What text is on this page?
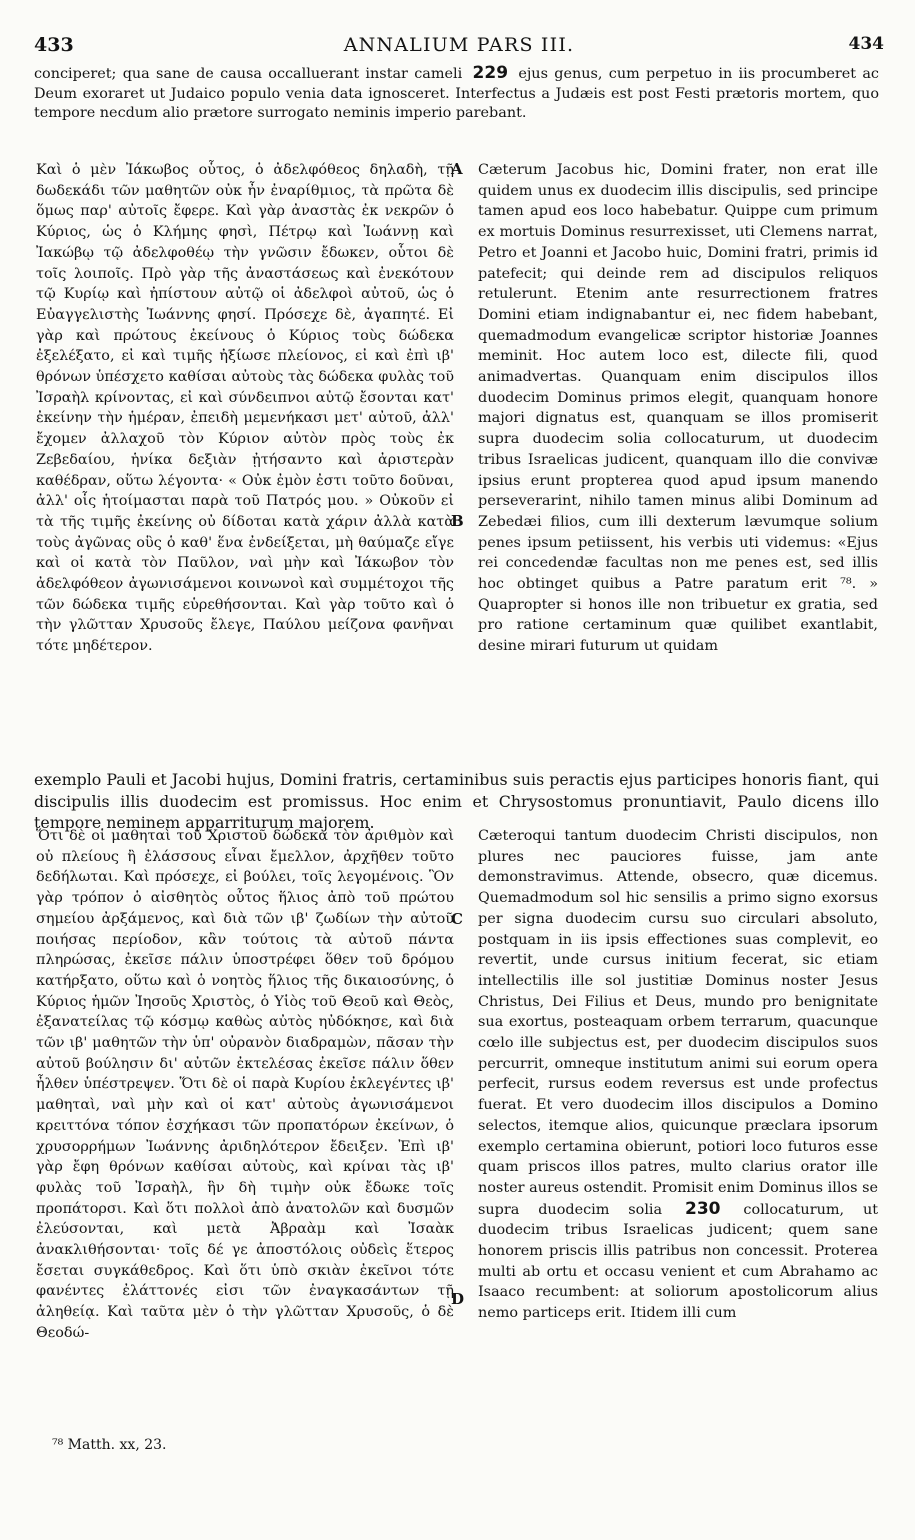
433	ANNALIUM PARS III.	434
conciperet; qua sane de causa occalluerant instar cameli 229 ejus genus, cum perpetuo in iis procumberet ac Deum exoraret ut Judaico populo venia data ignosceret. Interfectus a Judæis est post Festi prætoris mortem, quo tempore necdum alio prætore surrogato neminis imperio parebant.
Καὶ ὁ μὲν Ἰάκωβος οὗτος, ὁ ἀδελφόθεος δηλαδὴ, τῇ δωδεκάδι τῶν μαθητῶν οὐκ ἦν ἐναρίθμιος, τὰ πρῶτα δὲ ὅμως παρ' αὐτοῖς ἔφερε. Καὶ γὰρ ἀναστὰς ἐκ νεκρῶν ὁ Κύριος, ὡς ὁ Κλήμης φησὶ, Πέτρῳ καὶ Ἰωάννῃ καὶ Ἰακώβῳ τῷ ἀδελφοθέῳ τὴν γνῶσιν ἔδωκεν, οὗτοι δὲ τοῖς λοιποῖς. Πρὸ γὰρ τῆς ἀναστάσεως καὶ ἐνεκότουν τῷ Κυρίῳ καὶ ἠπίστουν αὐτῷ οἱ ἀδελφοὶ αὐτοῦ, ὡς ὁ Εὐαγγελιστὴς Ἰωάννης φησί. Πρόσεχε δὲ, ἀγαπητέ. Εἰ γὰρ καὶ πρώτους ἐκείνους ὁ Κύριος τοὺς δώδεκα ἐξελέξατο, εἰ καὶ τιμῆς ἠξίωσε πλείονος, εἰ καὶ ἐπὶ ιβ' θρόνων ὑπέσχετο καθίσαι αὐτοὺς τὰς δώδεκα φυλὰς τοῦ Ἰσραὴλ κρίνοντας, εἰ καὶ σύνδειπνοι αὐτῷ ἔσονται κατ' ἐκείνην τὴν ἡμέραν, ἐπειδὴ μεμενήκασι μετ' αὐτοῦ, ἀλλ' ἔχομεν ἀλλαχοῦ τὸν Κύριον αὐτὸν πρὸς τοὺς ἐκ Ζεβεδαίου, ἡνίκα δεξιὰν ᾐτήσαντο καὶ ἀριστερὰν καθέδραν, οὕτω λέγοντα· « Οὐκ ἐμὸν ἐστι τοῦτο δοῦναι, ἀλλ' οἷς ἡτοίμασται παρὰ τοῦ Πατρός μου. » Οὐκοῦν εἰ τὰ τῆς τιμῆς ἐκείνης οὐ δίδοται κατὰ χάριν ἀλλὰ κατὰ τοὺς ἀγῶνας οὓς ὁ καθ' ἕνα ἐνδείξεται, μὴ θαύμαζε εἴγε καὶ οἱ κατὰ τὸν Παῦλον, ναὶ μὴν καὶ Ἰάκωβον τὸν ἀδελφόθεον ἀγωνισάμενοι κοινωνοὶ καὶ συμμέτοχοι τῆς τῶν δώδεκα τιμῆς εὑρεθήσονται. Καὶ γὰρ τοῦτο καὶ ὁ τὴν γλῶτταν Χρυσοῦς ἔλεγε, Παύλου μείζονα φανῆναι τότε μηδέτερον.
Cæterum Jacobus hic, Domini frater, non erat ille quidem unus ex duodecim illis discipulis, sed principe tamen apud eos loco habebatur. Quippe cum primum ex mortuis Dominus resurrexisset, uti Clemens narrat, Petro et Joanni et Jacobo huic, Domini fratri, primis id patefecit; qui deinde rem ad discipulos reliquos retulerunt. Etenim ante resurrectionem fratres Domini etiam indignabantur ei, nec fidem habebant, quemadmodum evangelicæ scriptor historiæ Joannes meminit. Hoc autem loco est, dilecte fili, quod animadvertas. Quanquam enim discipulos illos duodecim Dominus primos elegit, quanquam honore majori dignatus est, quanquam se illos promiserit supra duodecim solia collocaturum, ut duodecim tribus Israelicas judicent, quanquam illo die convivæ ipsius erunt propterea quod apud ipsum manendo perseverarint, nihilo tamen minus alibi Dominum ad Zebedæi filios, cum illi dexterum lævumque solium penes ipsum petiissent, his verbis uti videmus: «Ejus rei concedendæ facultas non me penes est, sed illis hoc obtinget quibus a Patre paratum erit ⁷⁸. » Quapropter si honos ille non tribuetur ex gratia, sed pro ratione certaminum quæ quilibet exantlabit, desine mirari futurum ut quidam
A
B
C
D
exemplo Pauli et Jacobi hujus, Domini fratris, certaminibus suis peractis ejus participes honoris fiant, qui discipulis illis duodecim est promissus. Hoc enim et Chrysostomus pronuntiavit, Paulo dicens illo tempore neminem apparriturum majorem.
Ὅτι δὲ οἱ μαθηταὶ τοῦ Χριστοῦ δώδεκα τὸν ἀριθμὸν καὶ οὐ πλείους ἢ ἐλάσσους εἶναι ἔμελλον, ἀρχῆθεν τοῦτο δεδήλωται. Καὶ πρόσεχε, εἰ βούλει, τοῖς λεγομένοις. Ὃν γὰρ τρόπον ὁ αἰσθητὸς οὗτος ἥλιος ἀπὸ τοῦ πρώτου σημείου ἀρξάμενος, καὶ διὰ τῶν ιβ' ζωδίων τὴν αὐτοῦ ποιήσας περίοδον, κἂν τούτοις τὰ αὐτοῦ πάντα πληρώσας, ἐκεῖσε πάλιν ὑποστρέφει ὅθεν τοῦ δρόμου κατήρξατο, οὕτω καὶ ὁ νοητὸς ἥλιος τῆς δικαιοσύνης, ὁ Κύριος ἡμῶν Ἰησοῦς Χριστὸς, ὁ Υἱὸς τοῦ Θεοῦ καὶ Θεὸς, ἐξανατείλας τῷ κόσμῳ καθὼς αὐτὸς ηὐδόκησε, καὶ διὰ τῶν ιβ' μαθητῶν τὴν ὑπ' οὐρανὸν διαδραμὼν, πᾶσαν τὴν αὐτοῦ βούλησιν δι' αὐτῶν ἐκτελέσας ἐκεῖσε πάλιν ὅθεν ἦλθεν ὑπέστρεψεν. Ὅτι δὲ οἱ παρὰ Κυρίου ἐκλεγέντες ιβ' μαθηταὶ, ναὶ μὴν καὶ οἱ κατ' αὐτοὺς ἀγωνισάμενοι κρειττόνα τόπον ἐσχήκασι τῶν προπατόρων ἐκείνων, ὁ χρυσορρήμων Ἰωάννης ἀριδηλότερον ἔδειξεν. Ἐπὶ ιβ' γὰρ ἔφη θρόνων καθίσαι αὐτοὺς, καὶ κρίναι τὰς ιβ' φυλὰς τοῦ Ἰσραὴλ, ἣν δὴ τιμὴν οὐκ ἔδωκε τοῖς προπάτορσι. Καὶ ὅτι πολλοὶ ἀπὸ ἀνατολῶν καὶ δυσμῶν ἐλεύσονται, καὶ μετὰ Ἀβραὰμ καὶ Ἰσαὰκ ἀνακλιθήσονται· τοῖς δέ γε ἀποστόλοις οὐδεὶς ἕτερος ἔσεται συγκάθεδρος. Καὶ ὅτι ὑπὸ σκιὰν ἐκεῖνοι τότε φανέντες ἐλάττονές εἰσι τῶν ἐναγκασάντων τῇ ἀληθείᾳ. Καὶ ταῦτα μὲν ὁ τὴν γλῶτταν Χρυσοῦς, ὁ δὲ Θεοδώ-
Cæteroqui tantum duodecim Christi discipulos, non plures nec pauciores fuisse, jam ante demonstravimus. Attende, obsecro, quæ dicemus. Quemadmodum sol hic sensilis a primo signo exorsus per signa duodecim cursu suo circulari absoluto, postquam in iis ipsis effectiones suas complevit, eo revertit, unde cursus initium fecerat, sic etiam intellectilis ille sol justitiæ Dominus noster Jesus Christus, Dei Filius et Deus, mundo pro benignitate sua exortus, posteaquam orbem terrarum, quacunque cœlo ille subjectus est, per duodecim discipulos suos percurrit, omneque institutum animi sui eorum opera perfecit, rursus eodem reversus est unde profectus fuerat. Et vero duodecim illos discipulos a Domino selectos, itemque alios, quicunque præclara ipsorum exemplo certamina obierunt, potiori loco futuros esse quam priscos illos patres, multo clarius orator ille noster aureus ostendit. Promisit enim Dominus illos se supra duodecim solia 230 collocaturum, ut duodecim tribus Israelicas judicent; quem sane honorem priscis illis patribus non concessit. Proterea multi ab ortu et occasu venient et cum Abrahamo ac Isaaco recumbent: at soliorum apostolicorum alius nemo particeps erit. Itidem illi cum
⁷⁸ Matth. xx, 23.
